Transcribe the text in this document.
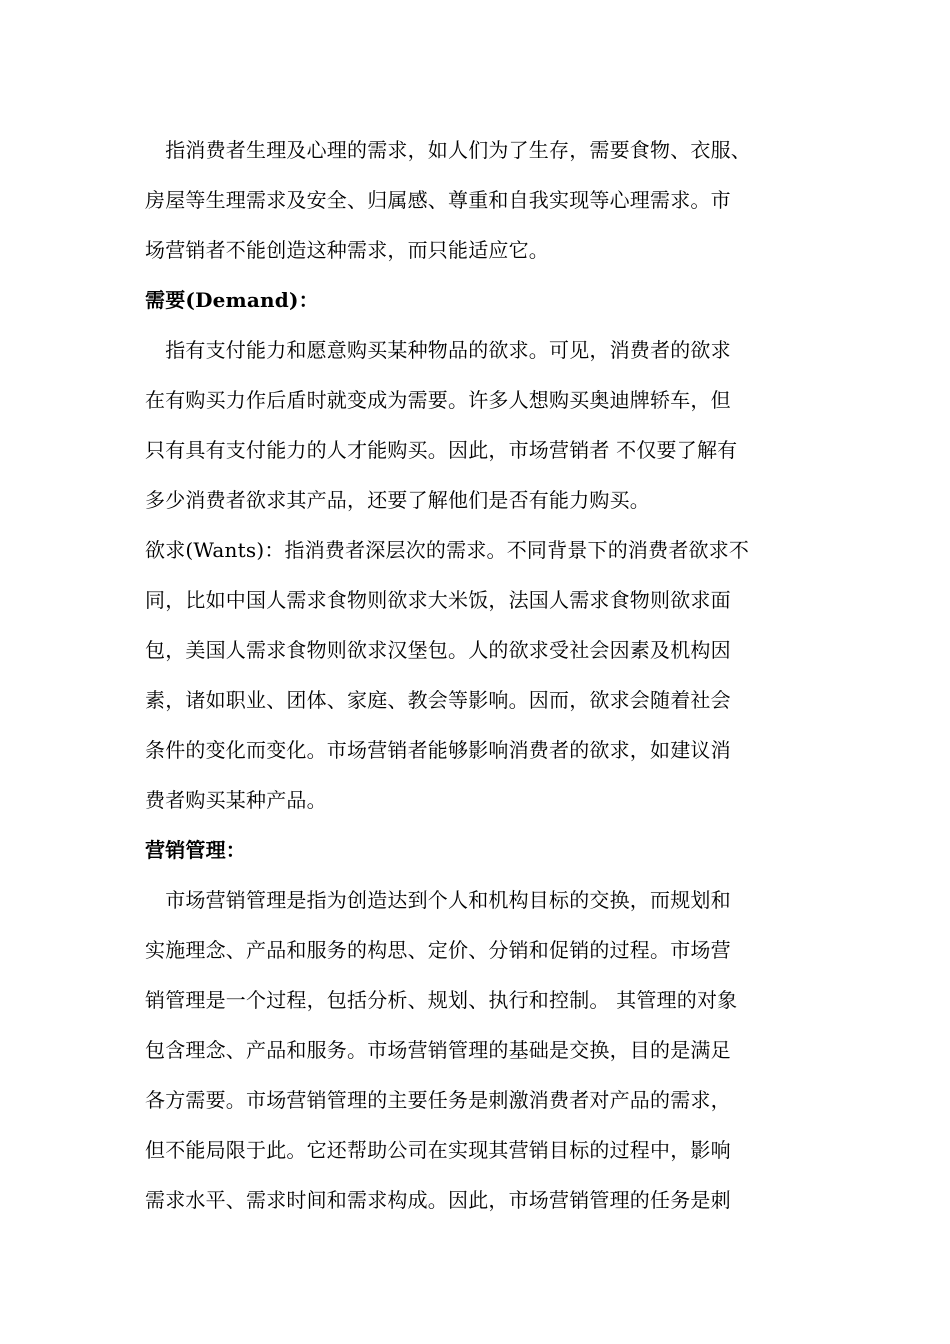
　指消费者生理及心理的需求，如人们为了生存，需要食物、衣服、
房屋等生理需求及安全、归属感、尊重和自我实现等心理需求。市
场营销者不能创造这种需求，而只能适应它。
需要(Demand)：
　指有支付能力和愿意购买某种物品的欲求。可见，消费者的欲求
在有购买力作后盾时就变成为需要。许多人想购买奥迪牌轿车，但
只有具有支付能力的人才能购买。因此，市场营销者 不仅要了解有
多少消费者欲求其产品，还要了解他们是否有能力购买。
欲求(Wants)：指消费者深层次的需求。不同背景下的消费者欲求不
同，比如中国人需求食物则欲求大米饭，法国人需求食物则欲求面
包，美国人需求食物则欲求汉堡包。人的欲求受社会因素及机构因
素，诸如职业、团体、家庭、教会等影响。因而，欲求会随着社会
条件的变化而变化。市场营销者能够影响消费者的欲求，如建议消
费者购买某种产品。
营销管理：
　市场营销管理是指为创造达到个人和机构目标的交换，而规划和
实施理念、产品和服务的构思、定价、分销和促销的过程。市场营
销管理是一个过程，包括分析、规划、执行和控制。 其管理的对象
包含理念、产品和服务。市场营销管理的基础是交换，目的是满足
各方需要。市场营销管理的主要任务是刺激消费者对产品的需求，
但不能局限于此。它还帮助公司在实现其营销目标的过程中，影响
需求水平、需求时间和需求构成。因此，市场营销管理的任务是刺
